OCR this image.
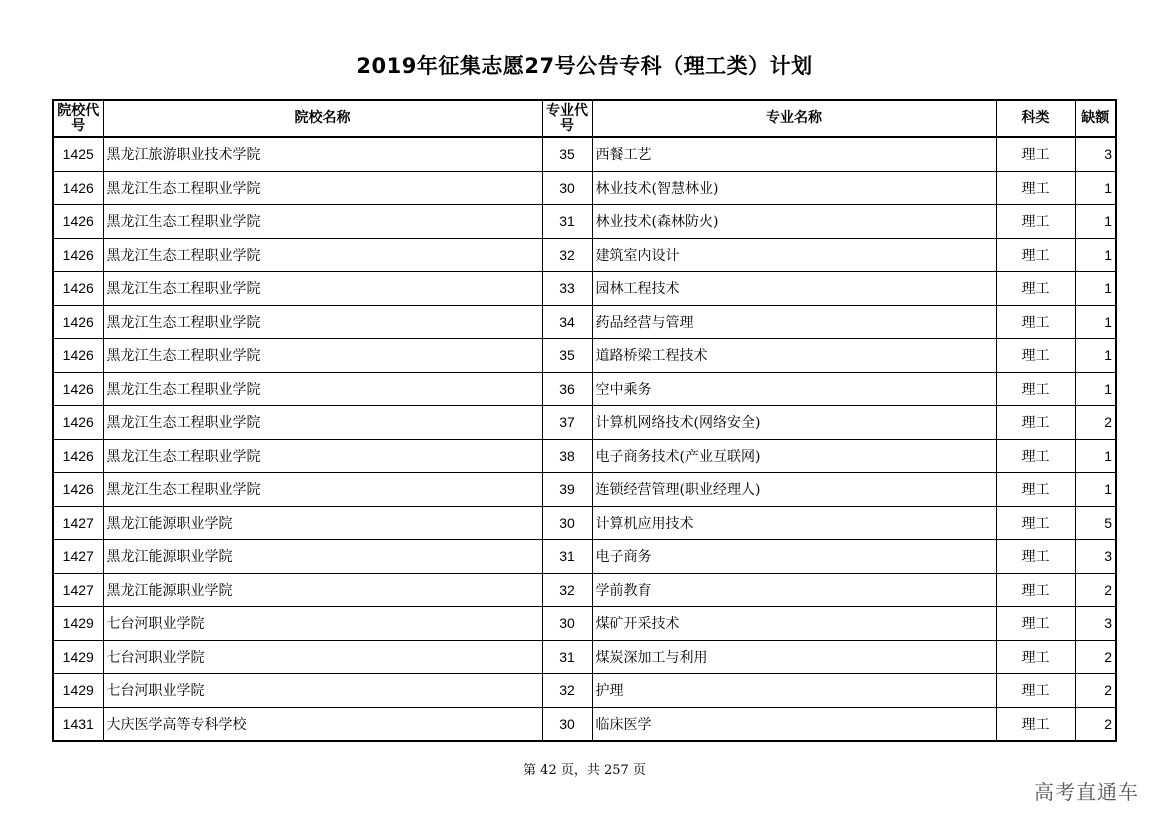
2019年征集志愿27号公告专科（理工类）计划
院校代号	院校名称	专业代号	专业名称	科类	缺额
1425	黑龙江旅游职业技术学院	35	西餐工艺	理工	3
1426	黑龙江生态工程职业学院	30	林业技术(智慧林业)	理工	1
1426	黑龙江生态工程职业学院	31	林业技术(森林防火)	理工	1
1426	黑龙江生态工程职业学院	32	建筑室内设计	理工	1
1426	黑龙江生态工程职业学院	33	园林工程技术	理工	1
1426	黑龙江生态工程职业学院	34	药品经营与管理	理工	1
1426	黑龙江生态工程职业学院	35	道路桥梁工程技术	理工	1
1426	黑龙江生态工程职业学院	36	空中乘务	理工	1
1426	黑龙江生态工程职业学院	37	计算机网络技术(网络安全)	理工	2
1426	黑龙江生态工程职业学院	38	电子商务技术(产业互联网)	理工	1
1426	黑龙江生态工程职业学院	39	连锁经营管理(职业经理人)	理工	1
1427	黑龙江能源职业学院	30	计算机应用技术	理工	5
1427	黑龙江能源职业学院	31	电子商务	理工	3
1427	黑龙江能源职业学院	32	学前教育	理工	2
1429	七台河职业学院	30	煤矿开采技术	理工	3
1429	七台河职业学院	31	煤炭深加工与利用	理工	2
1429	七台河职业学院	32	护理	理工	2
1431	大庆医学高等专科学校	30	临床医学	理工	2
第 42 页，共 257 页
高考直通车
